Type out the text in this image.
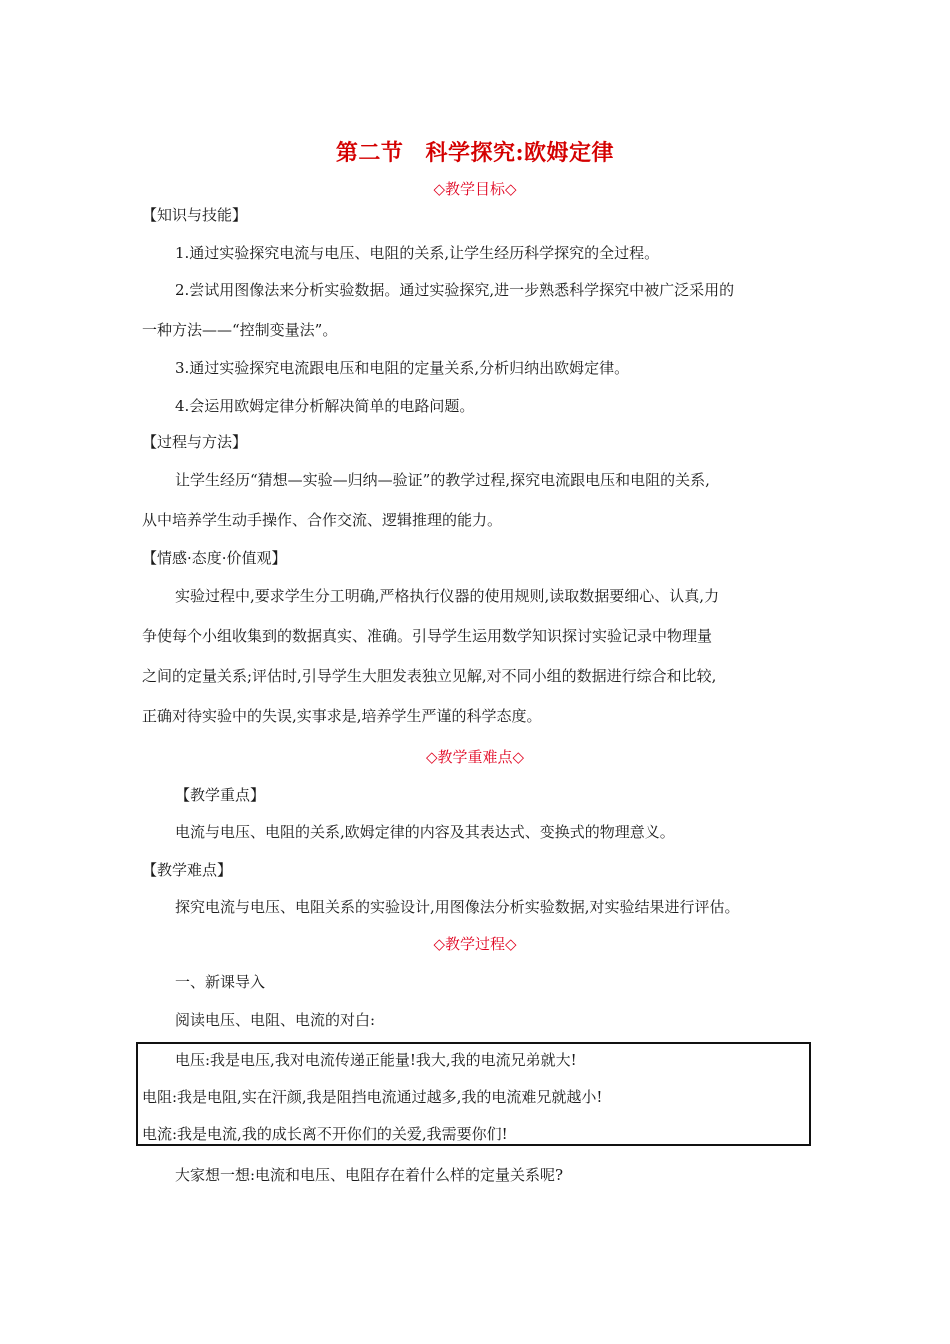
第二节 科学探究:欧姆定律
◇教学目标◇
【知识与技能】
1.通过实验探究电流与电压、电阻的关系,让学生经历科学探究的全过程。
2.尝试用图像法来分析实验数据。通过实验探究,进一步熟悉科学探究中被广泛采用的
一种方法——“控制变量法”。
3.通过实验探究电流跟电压和电阻的定量关系,分析归纳出欧姆定律。
4.会运用欧姆定律分析解决简单的电路问题。
【过程与方法】
让学生经历“猜想—实验—归纳—验证”的教学过程,探究电流跟电压和电阻的关系,
从中培养学生动手操作、合作交流、逻辑推理的能力。
【情感·态度·价值观】
实验过程中,要求学生分工明确,严格执行仪器的使用规则,读取数据要细心、认真,力
争使每个小组收集到的数据真实、准确。引导学生运用数学知识探讨实验记录中物理量
之间的定量关系;评估时,引导学生大胆发表独立见解,对不同小组的数据进行综合和比较,
正确对待实验中的失误,实事求是,培养学生严谨的科学态度。
◇教学重难点◇
【教学重点】
电流与电压、电阻的关系,欧姆定律的内容及其表达式、变换式的物理意义。
【教学难点】
探究电流与电压、电阻关系的实验设计,用图像法分析实验数据,对实验结果进行评估。
◇教学过程◇
一、新课导入
阅读电压、电阻、电流的对白:
电压:我是电压,我对电流传递正能量!我大,我的电流兄弟就大!
电阻:我是电阻,实在汗颜,我是阻挡电流通过越多,我的电流难兄就越小!
电流:我是电流,我的成长离不开你们的关爱,我需要你们!
大家想一想:电流和电压、电阻存在着什么样的定量关系呢?
